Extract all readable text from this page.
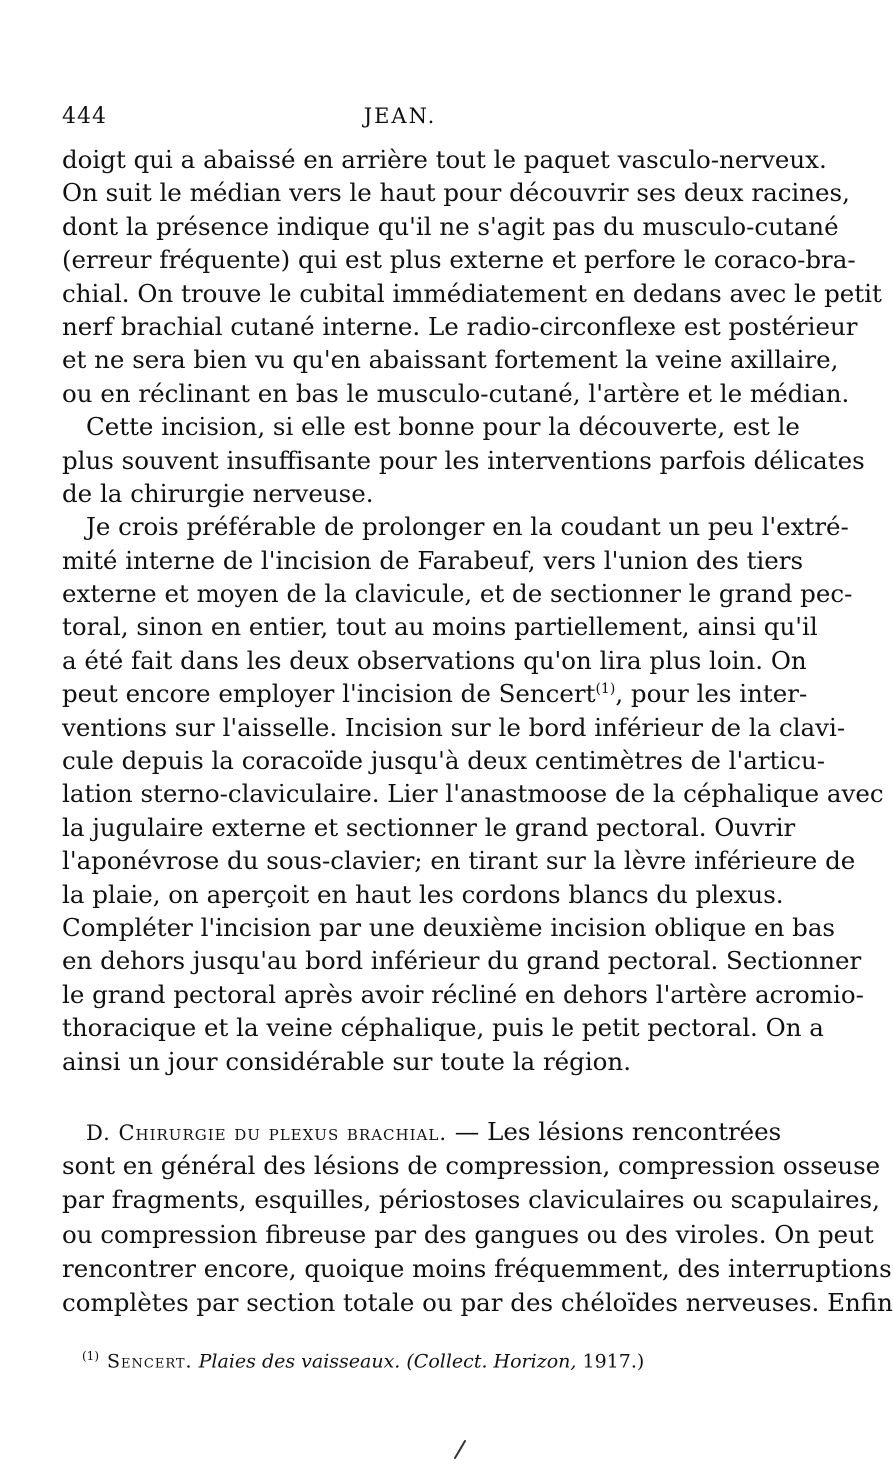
444	JEAN.
doigt qui a abaissé en arrière tout le paquet vasculo-nerveux.
On suit le médian vers le haut pour découvrir ses deux racines,
dont la présence indique qu'il ne s'agit pas du musculo-cutané
(erreur fréquente) qui est plus externe et perfore le coraco-bra-
chial. On trouve le cubital immédiatement en dedans avec le petit
nerf brachial cutané interne. Le radio-circonflexe est postérieur
et ne sera bien vu qu'en abaissant fortement la veine axillaire,
ou en réclinant en bas le musculo-cutané, l'artère et le médian.
Cette incision, si elle est bonne pour la découverte, est le
plus souvent insuffisante pour les interventions parfois délicates
de la chirurgie nerveuse.
Je crois préférable de prolonger en la coudant un peu l'extré-
mité interne de l'incision de Farabeuf, vers l'union des tiers
externe et moyen de la clavicule, et de sectionner le grand pec-
toral, sinon en entier, tout au moins partiellement, ainsi qu'il
a été fait dans les deux observations qu'on lira plus loin. On
peut encore employer l'incision de Sencert$^{(1)}$, pour les inter-
ventions sur l'aisselle. Incision sur le bord inférieur de la clavi-
cule depuis la coracoïde jusqu'à deux centimètres de l'articu-
lation sterno-claviculaire. Lier l'anastmoose de la céphalique avec
la jugulaire externe et sectionner le grand pectoral. Ouvrir
l'aponévrose du sous-clavier; en tirant sur la lèvre inférieure de
la plaie, on aperçoit en haut les cordons blancs du plexus.
Compléter l'incision par une deuxième incision oblique en bas
en dehors jusqu'au bord inférieur du grand pectoral. Sectionner
le grand pectoral après avoir récliné en dehors l'artère acromio-
thoracique et la veine céphalique, puis le petit pectoral. On a
ainsi un jour considérable sur toute la région.
D. Chirurgie du plexus brachial. — Les lésions rencontrées
sont en général des lésions de compression, compression osseuse
par fragments, esquilles, périostoses claviculaires ou scapulaires,
ou compression fibreuse par des gangues ou des viroles. On peut
rencontrer encore, quoique moins fréquemment, des interruptions
complètes par section totale ou par des chéloïdes nerveuses. Enfin
$^{(1)}$ Sencert. Plaies des vaisseaux. (Collect. Horizon, 1917.)
